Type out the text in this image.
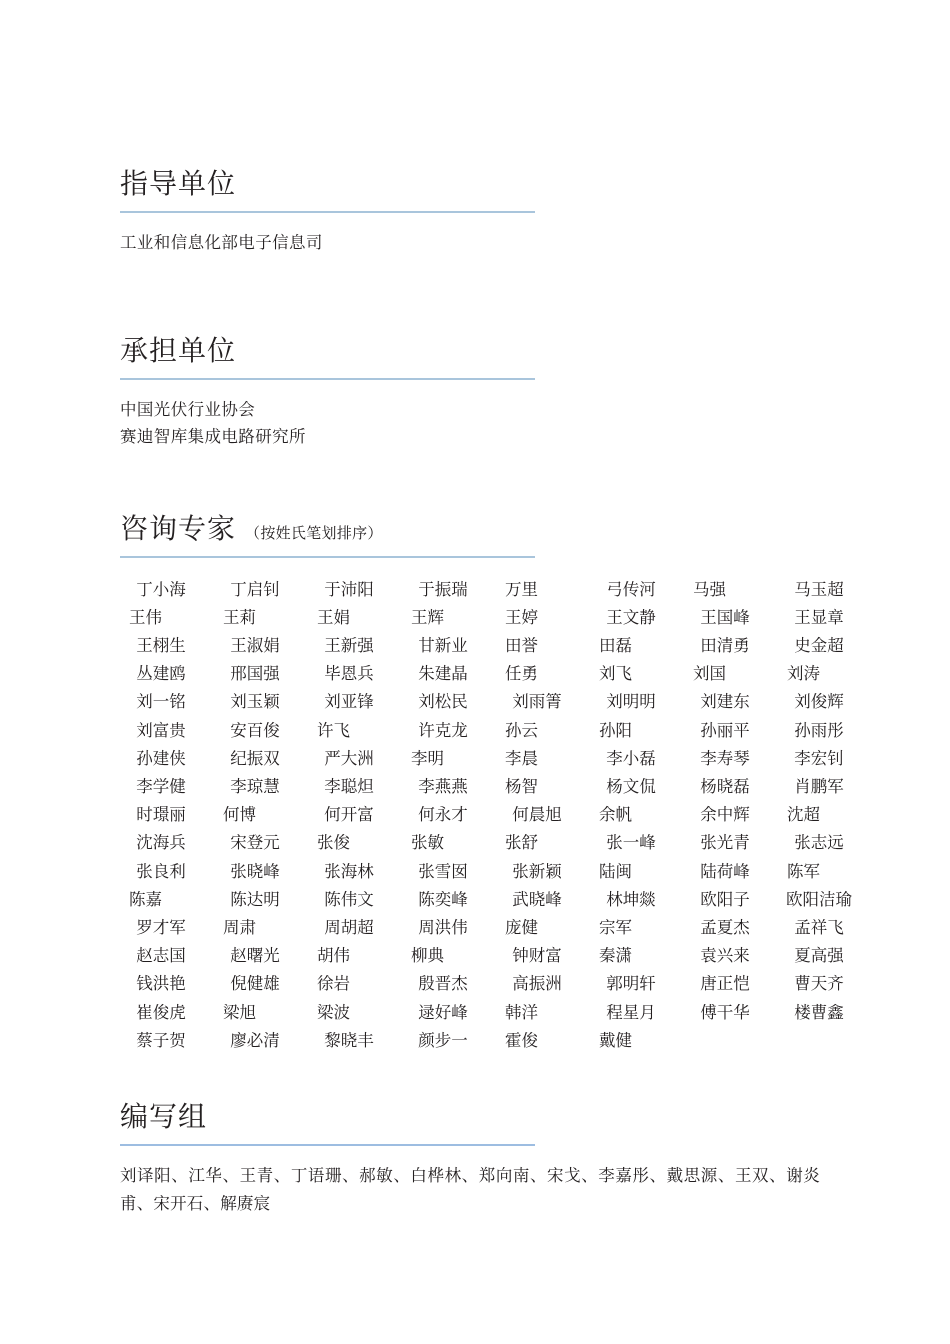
指导单位
工业和信息化部电子信息司
承担单位
中国光伏行业协会
赛迪智库集成电路研究所
咨询专家 （按姓氏笔划排序）
丁小海	丁启钊	于沛阳	于振瑞	万里	弓传河	马强	马玉超
王伟	王莉	王娟	王辉	王婷	王文静	王国峰	王显章
王栩生	王淑娟	王新强	甘新业	田誉	田磊	田清勇	史金超
丛建鸥	邢国强	毕恩兵	朱建晶	任勇	刘飞	刘国	刘涛
刘一铭	刘玉颖	刘亚锋	刘松民	刘雨箐	刘明明	刘建东	刘俊辉
刘富贵	安百俊	许飞	许克龙	孙云	孙阳	孙丽平	孙雨彤
孙建侠	纪振双	严大洲	李明	李晨	李小磊	李寿琴	李宏钊
李学健	李琼慧	李聪炟	李燕燕	杨智	杨文侃	杨晓磊	肖鹏军
时璟丽	何博	何开富	何永才	何晨旭	余帆	余中辉	沈超
沈海兵	宋登元	张俊	张敏	张舒	张一峰	张光青	张志远
张良利	张晓峰	张海林	张雪囡	张新颖	陆闽	陆荷峰	陈军
陈嘉	陈达明	陈伟文	陈奕峰	武晓峰	林坤燚	欧阳子	欧阳洁瑜
罗才军	周肃	周胡超	周洪伟	庞健	宗军	孟夏杰	孟祥飞
赵志国	赵曙光	胡伟	柳典	钟财富	秦潇	袁兴来	夏高强
钱洪艳	倪健雄	徐岩	殷晋杰	高振洲	郭明轩	唐正恺	曹天齐
崔俊虎	梁旭	梁波	逯好峰	韩洋	程星月	傅干华	楼曹鑫
蔡子贺	廖必清	黎晓丰	颜步一	霍俊	戴健
编写组
刘译阳、江华、王青、丁语珊、郝敏、白桦林、郑向南、宋戈、李嘉彤、戴思源、王双、谢炎甫、宋开石、解赓宸
